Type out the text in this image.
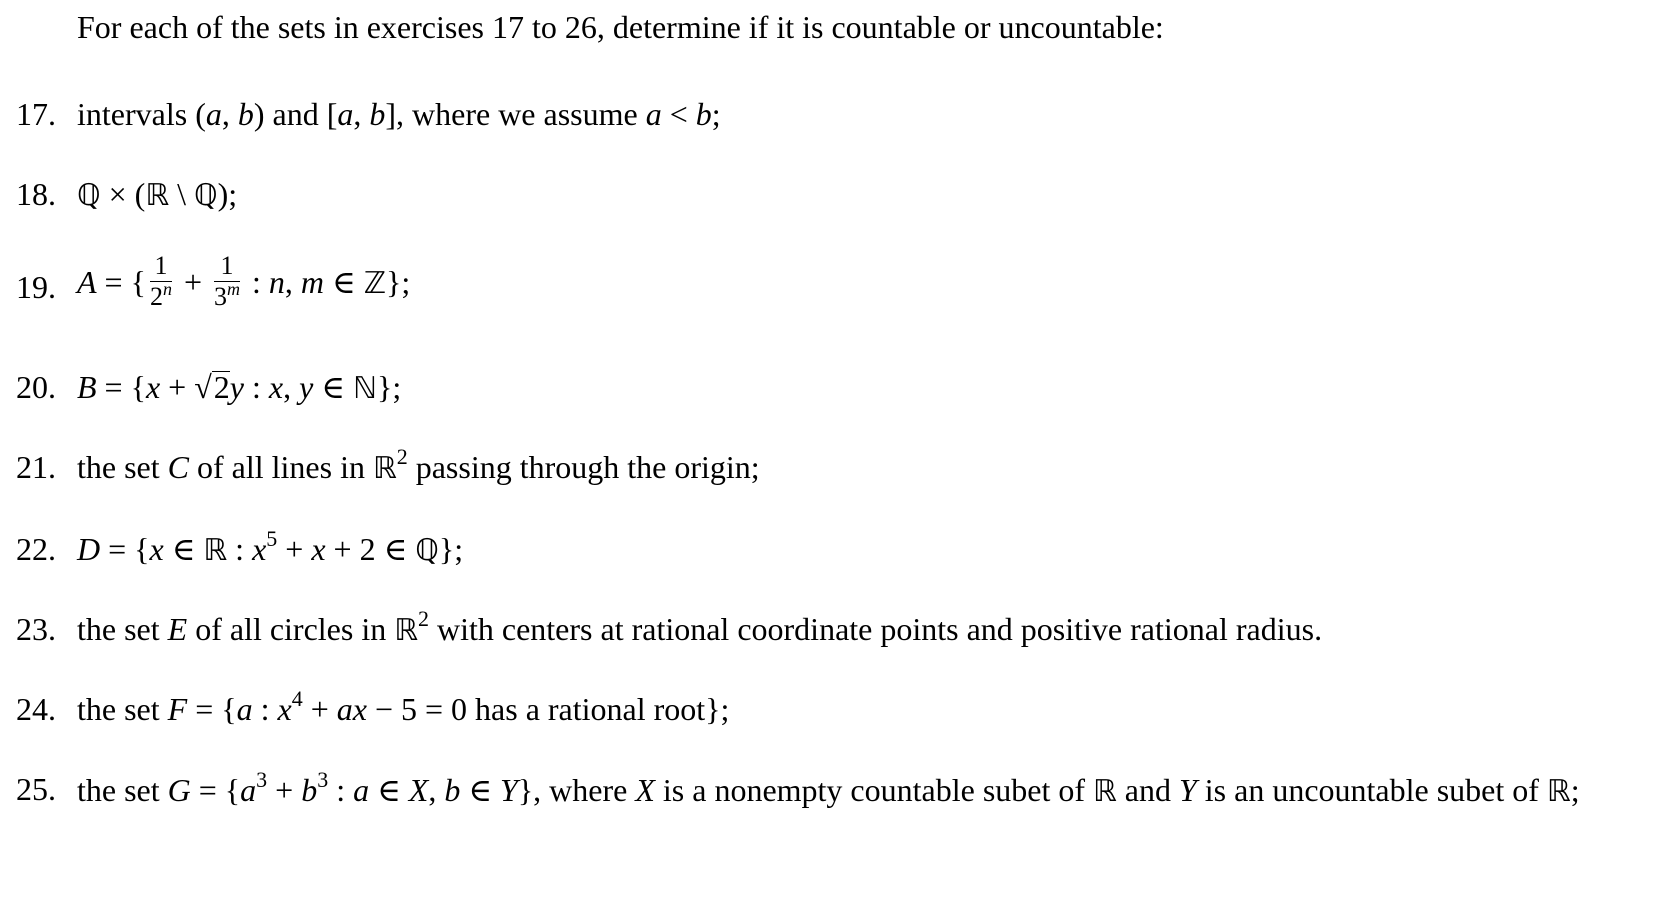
For each of the sets in exercises 17 to 26, determine if it is countable or uncountable:
17. intervals (a, b) and [a, b], where we assume a < b;
18. ℚ × (ℝ \ ℚ);
19. A = { $\frac{1}{2^n} + \frac{1}{3^m}$ : n, m ∈ ℤ};
20. B = {x + √2y : x, y ∈ ℕ};
21. the set C of all lines in ℝ$^2$ passing through the origin;
22. D = {x ∈ ℝ : $x^5 + x + 2$ ∈ ℚ};
23. the set E of all circles in ℝ$^2$ with centers at rational coordinate points and positive rational radius.
24. the set F = {a : $x^4$ + ax − 5 = 0 has a rational root};
25. the set $G = \{a^3 + b^3$ : a ∈ X, b ∈ Y}, where X is a nonempty countable subet of ℝ and Y is an uncountable subet of ℝ;
